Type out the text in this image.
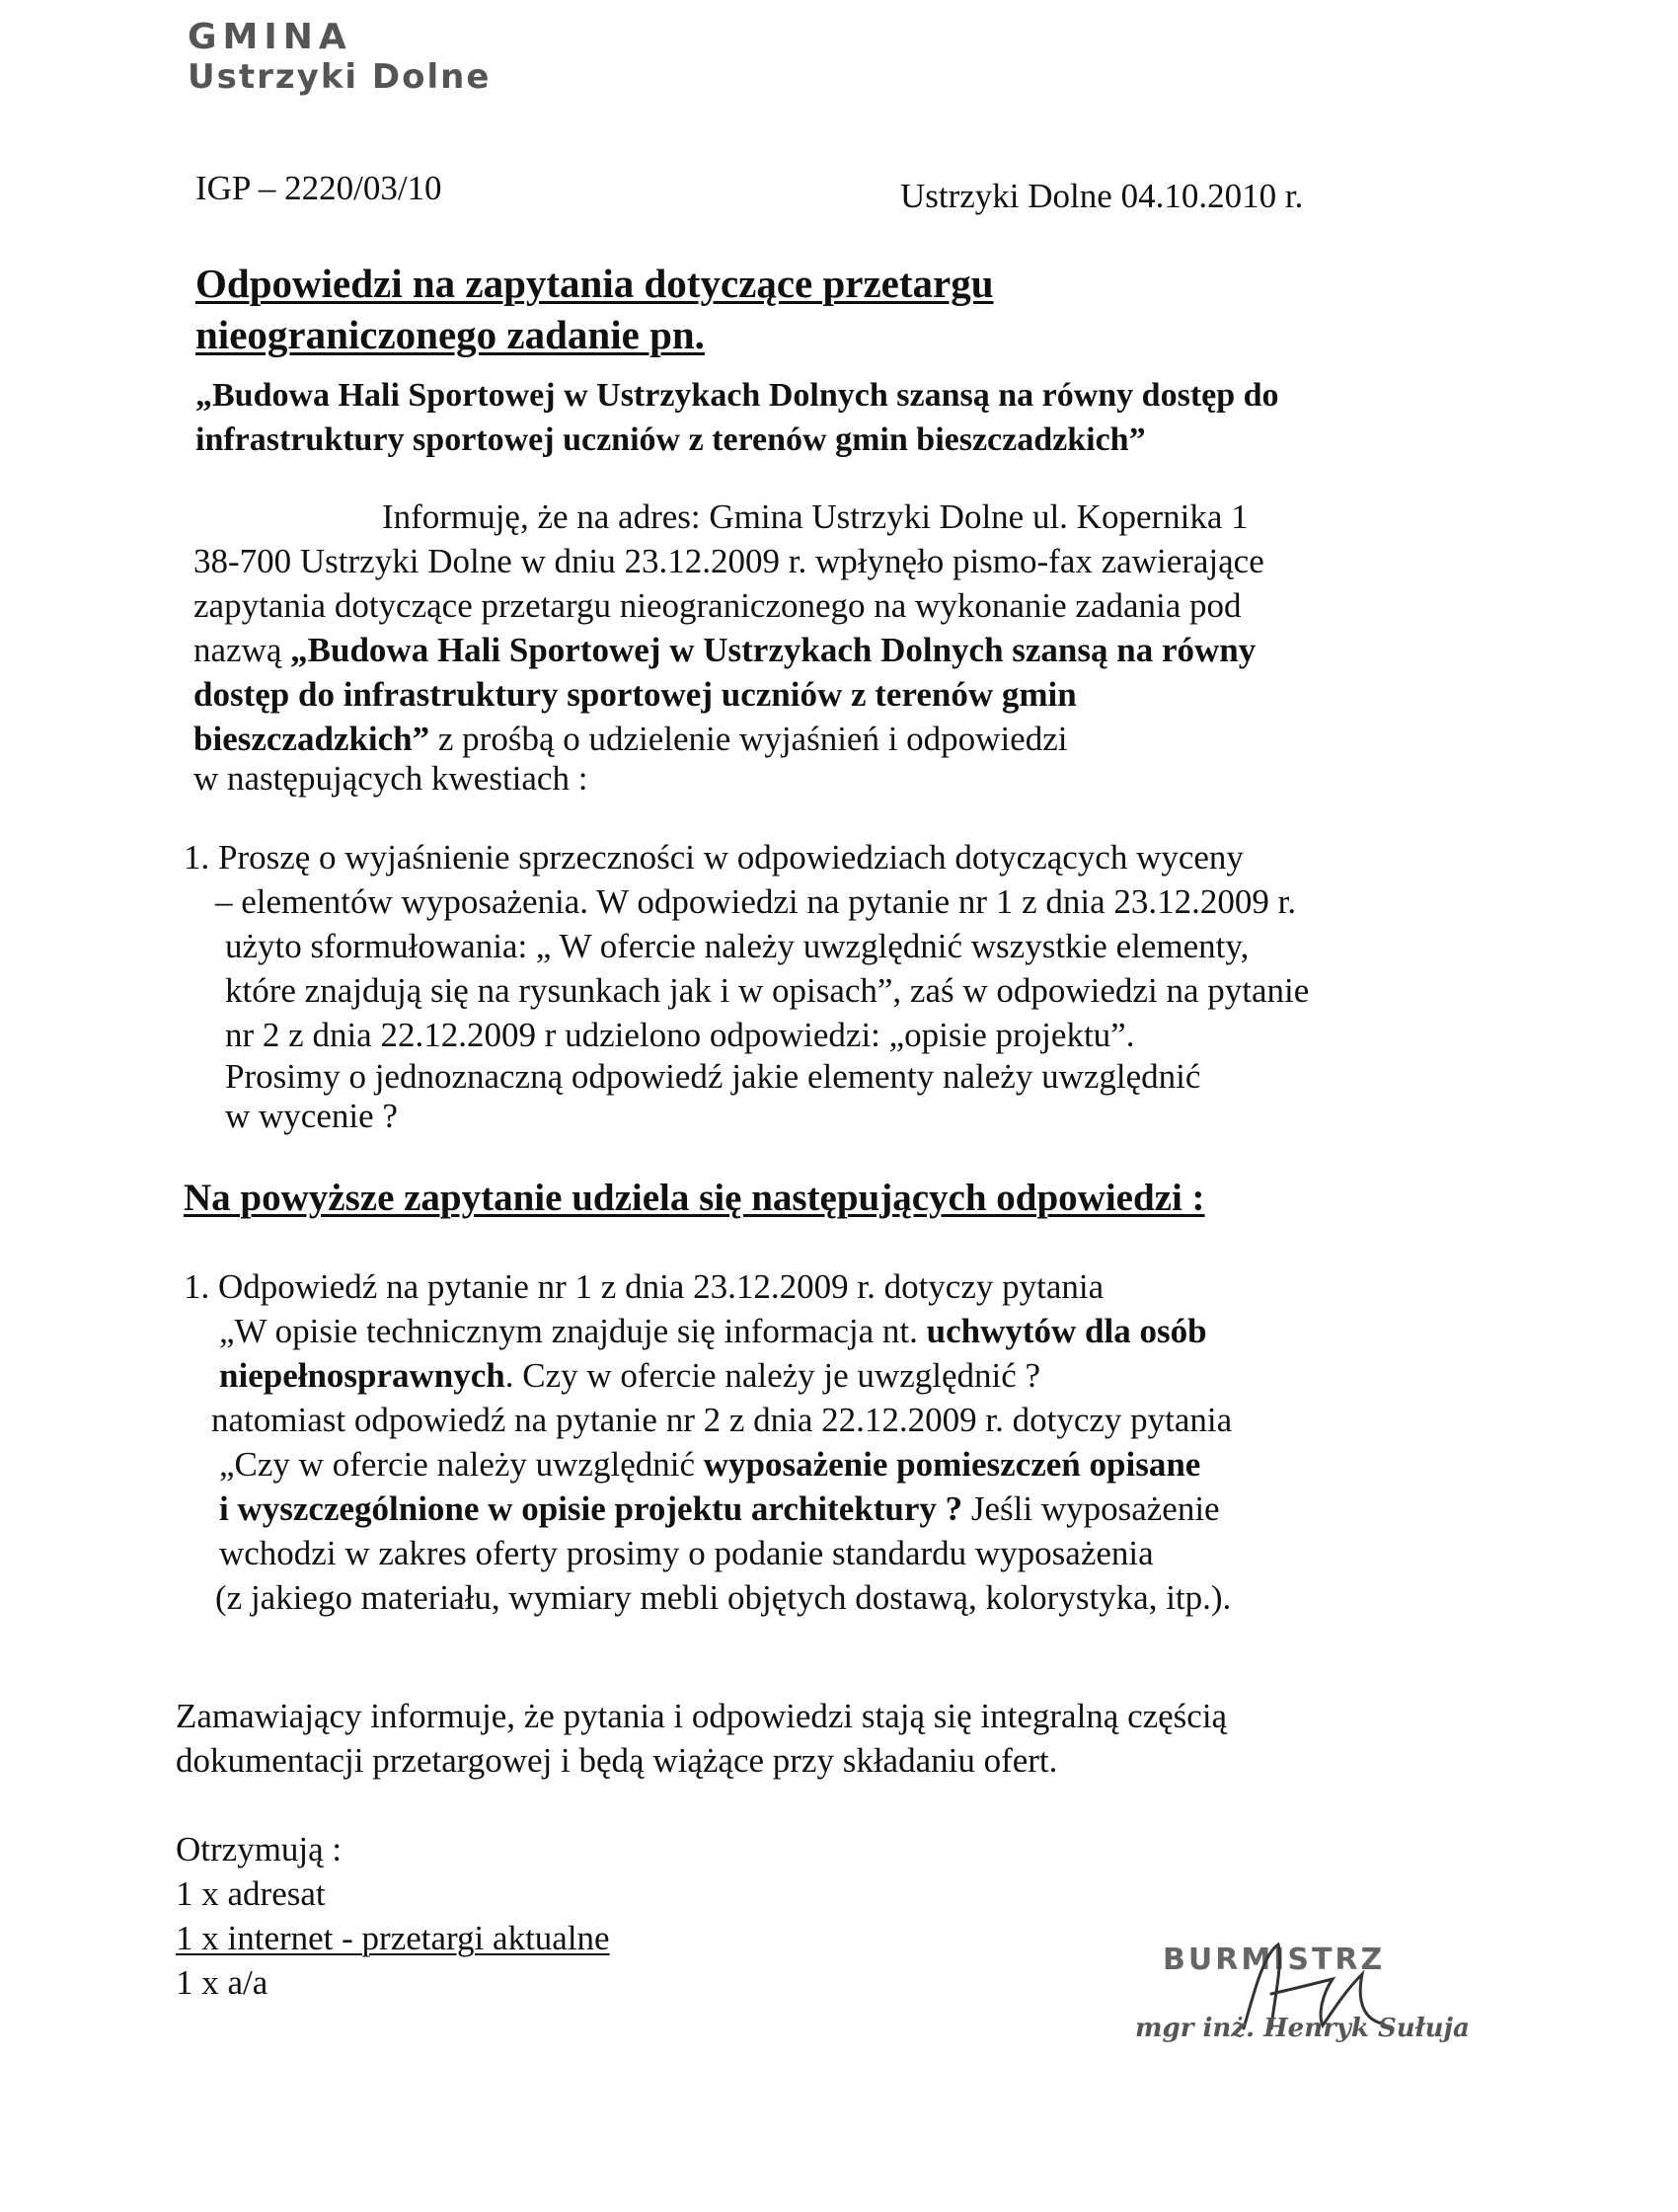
GMINA
Ustrzyki Dolne
IGP – 2220/03/10	Ustrzyki Dolne 04.10.2010 r.
Odpowiedzi na zapytania dotyczące przetargu
nieograniczonego zadanie pn.
„Budowa Hali Sportowej w Ustrzykach Dolnych szansą na równy dostęp do
infrastruktury sportowej uczniów z terenów gmin bieszczadzkich”
Informuję, że na adres: Gmina Ustrzyki Dolne ul. Kopernika 1
38-700 Ustrzyki Dolne w dniu 23.12.2009 r. wpłynęło pismo-fax zawierające
zapytania dotyczące przetargu nieograniczonego na wykonanie zadania pod
nazwą „Budowa Hali Sportowej w Ustrzykach Dolnych szansą na równy
dostęp do infrastruktury sportowej uczniów z terenów gmin
bieszczadzkich” z prośbą o udzielenie wyjaśnień i odpowiedzi
w następujących kwestiach :
1. Proszę o wyjaśnienie sprzeczności w odpowiedziach dotyczących wyceny
– elementów wyposażenia. W odpowiedzi na pytanie nr 1 z dnia 23.12.2009 r.
użyto sformułowania: „ W ofercie należy uwzględnić wszystkie elementy,
które znajdują się na rysunkach jak i w opisach”, zaś w odpowiedzi na pytanie
nr 2 z dnia 22.12.2009 r udzielono odpowiedzi: „opisie projektu”.
Prosimy o jednoznaczną odpowiedź jakie elementy należy uwzględnić
w wycenie ?
Na powyższe zapytanie udziela się następujących odpowiedzi :
1. Odpowiedź na pytanie nr 1 z dnia 23.12.2009 r. dotyczy pytania
„W opisie technicznym znajduje się informacja nt. uchwytów dla osób
niepełnosprawnych. Czy w ofercie należy je uwzględnić ?
natomiast odpowiedź na pytanie nr 2 z dnia 22.12.2009 r. dotyczy pytania
„Czy w ofercie należy uwzględnić wyposażenie pomieszczeń opisane
i wyszczególnione w opisie projektu architektury ? Jeśli wyposażenie
wchodzi w zakres oferty prosimy o podanie standardu wyposażenia
(z jakiego materiału, wymiary mebli objętych dostawą, kolorystyka, itp.).
Zamawiający informuje, że pytania i odpowiedzi stają się integralną częścią
dokumentacji przetargowej i będą wiążące przy składaniu ofert.
Otrzymują :
1 x adresat
1 x internet - przetargi aktualne
1 x a/a
BURMISTRZ
mgr inż. Henryk Sułuja
